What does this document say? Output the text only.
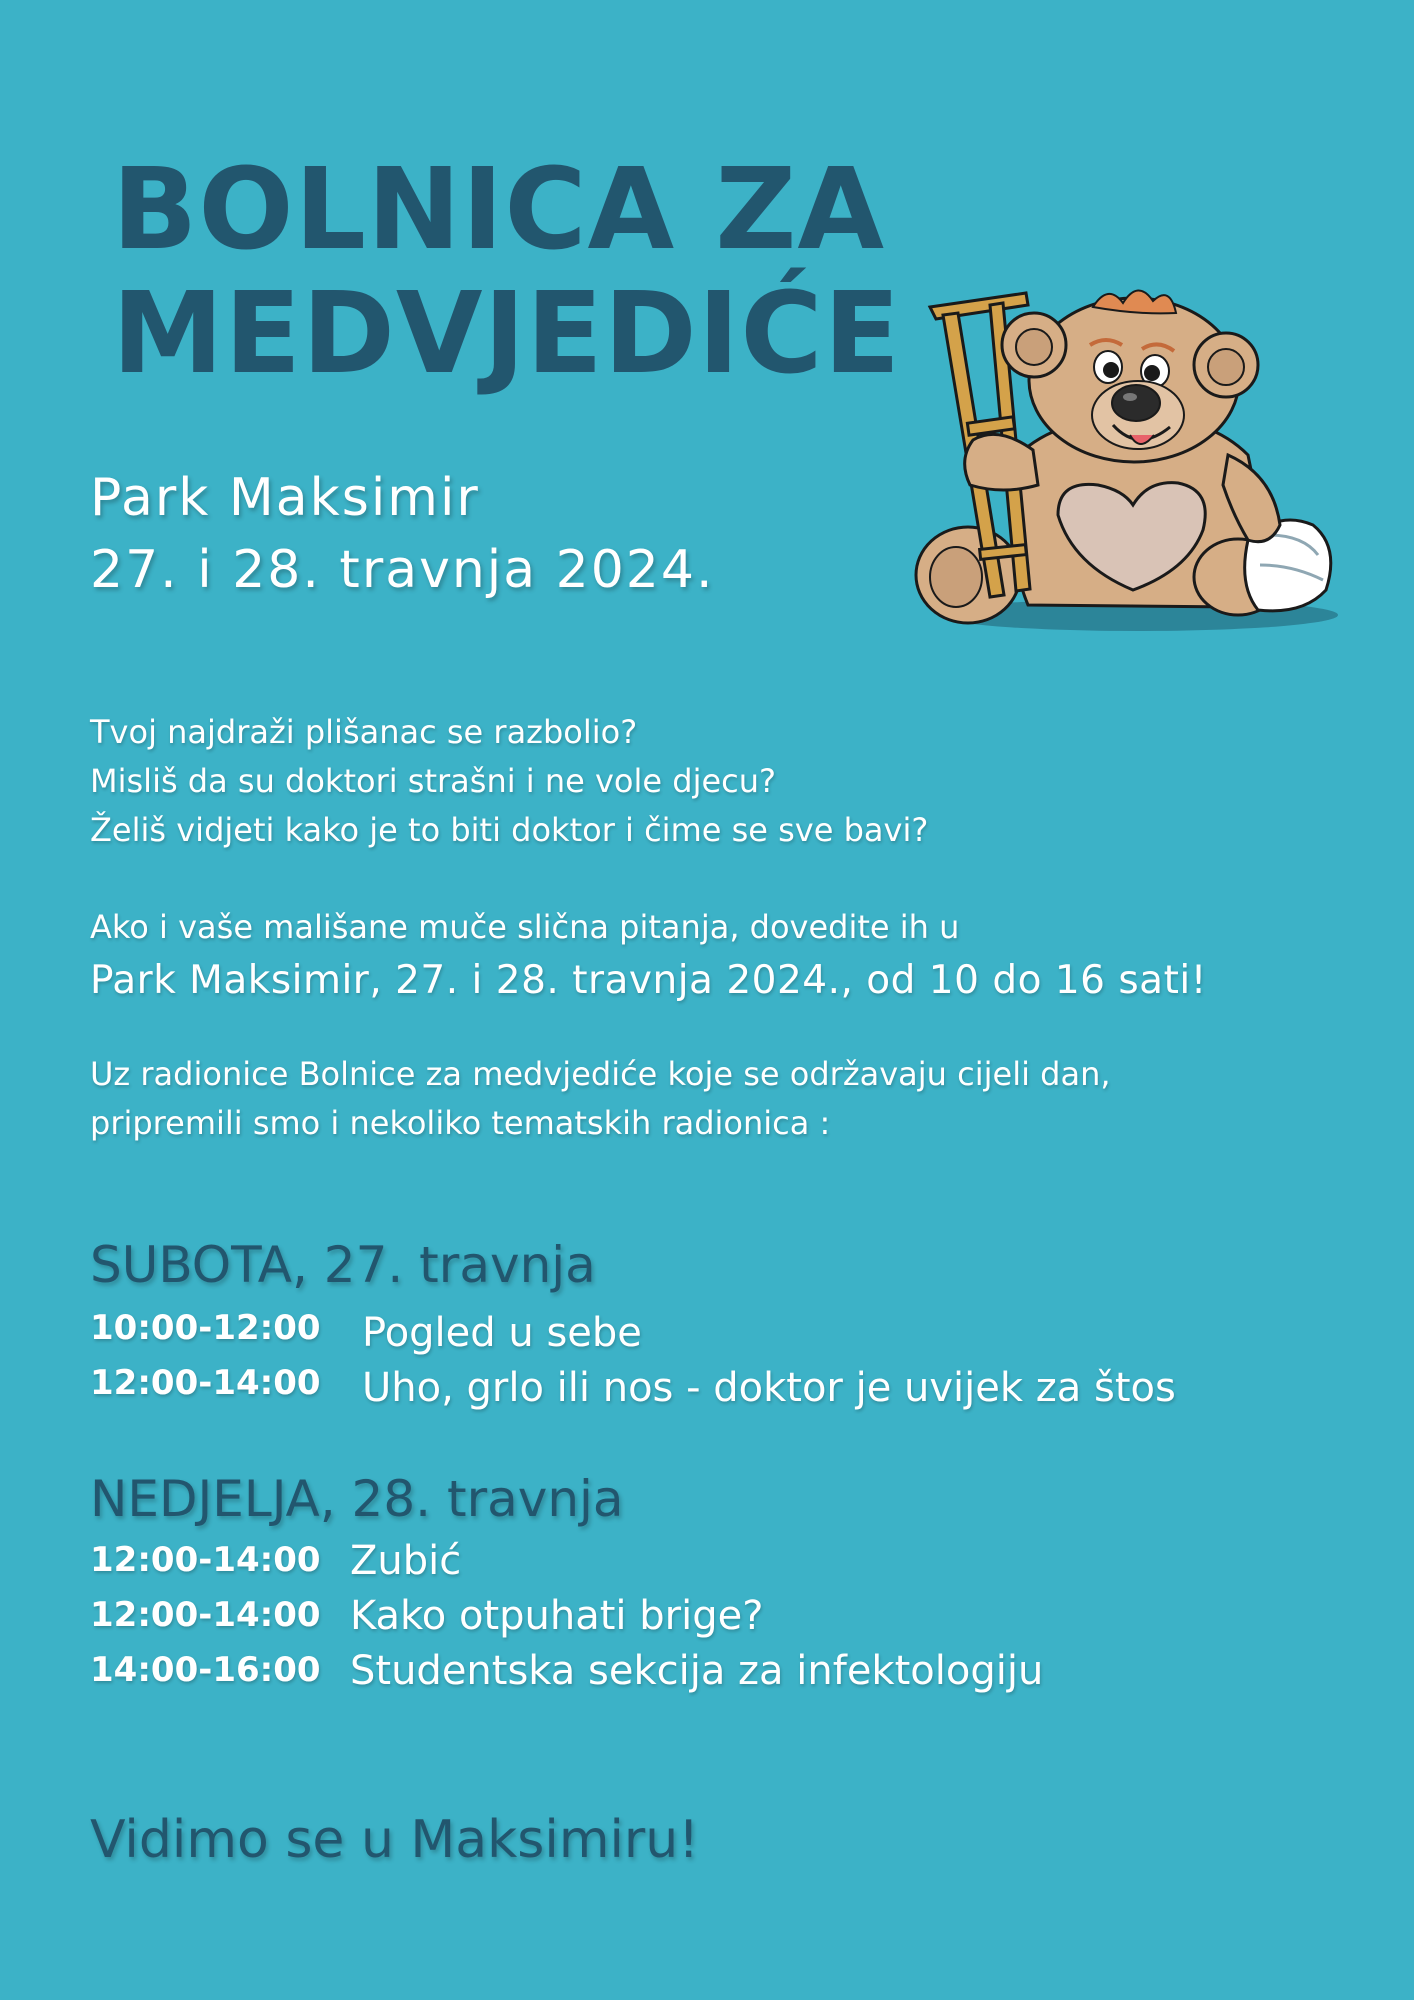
BOLNICA ZA
MEDVJEDIĆE
Park Maksimir
27. i 28. travnja 2024.
Tvoj najdraži plišanac se razbolio?
Misliš da su doktori strašni i ne vole djecu?
Želiš vidjeti kako je to biti doktor i čime se sve bavi?
Ako i vaše mališane muče slična pitanja, dovedite ih u
Park Maksimir, 27. i 28. travnja 2024., od 10 do 16 sati!
Uz radionice Bolnice za medvjediće koje se održavaju cijeli dan,
pripremili smo i nekoliko tematskih radionica :
SUBOTA, 27. travnja
10:00-12:00 Pogled u sebe
12:00-14:00 Uho, grlo ili nos - doktor je uvijek za štos
NEDJELJA, 28. travnja
12:00-14:00 Zubić
12:00-14:00 Kako otpuhati brige?
14:00-16:00 Studentska sekcija za infektologiju
Vidimo se u Maksimiru!
